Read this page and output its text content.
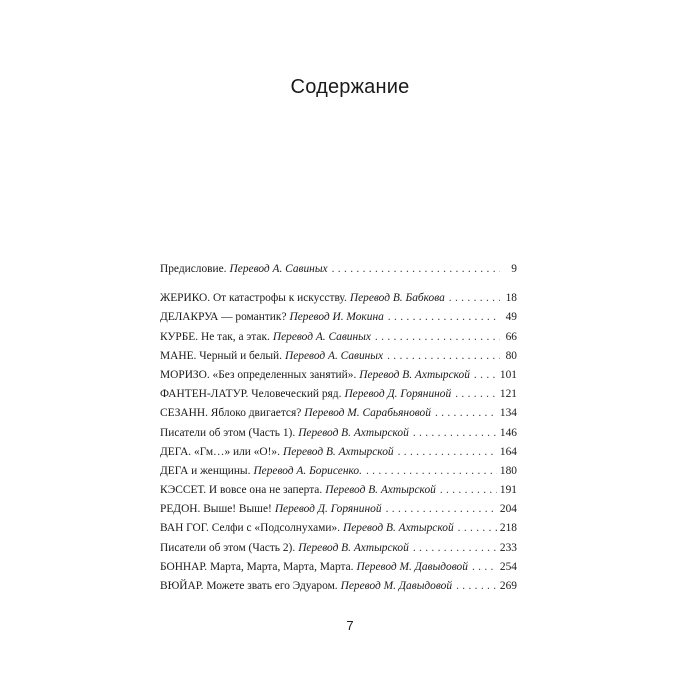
Содержание
Предисловие. Перевод А. Савиных . . .	9
ЖЕРИКО. От катастрофы к искусству. Перевод В. Бабкова . . .	18
ДЕЛАКРУА — романтик? Перевод И. Мокина . . .	49
КУРБЕ. Не так, а этак. Перевод А. Савиных . . .	66
МАНЕ. Черный и белый. Перевод А. Савиных . . .	80
МОРИЗО. «Без определенных занятий». Перевод В. Ахтырской . . .	101
ФАНТЕН-ЛАТУР. Человеческий ряд. Перевод Д. Горяниной . . .	121
СЕЗАНН. Яблоко двигается? Перевод М. Сарабьяновой . . .	134
Писатели об этом (Часть 1). Перевод В. Ахтырской . . .	146
ДЕГА. «Гм…» или «О!». Перевод В. Ахтырской . . .	164
ДЕГА и женщины. Перевод А. Борисенко. . . .	180
КЭССЕТ. И вовсе она не заперта. Перевод В. Ахтырской . . .	191
РЕДОН. Выше! Выше! Перевод Д. Горяниной . . .	204
ВАН ГОГ. Селфи с «Подсолнухами». Перевод В. Ахтырской . . .	218
Писатели об этом (Часть 2). Перевод В. Ахтырской . . .	233
БОННАР. Марта, Марта, Марта, Марта. Перевод М. Давыдовой . . .	254
ВЮЙАР. Можете звать его Эдуаром. Перевод М. Давыдовой . . .	269
7
